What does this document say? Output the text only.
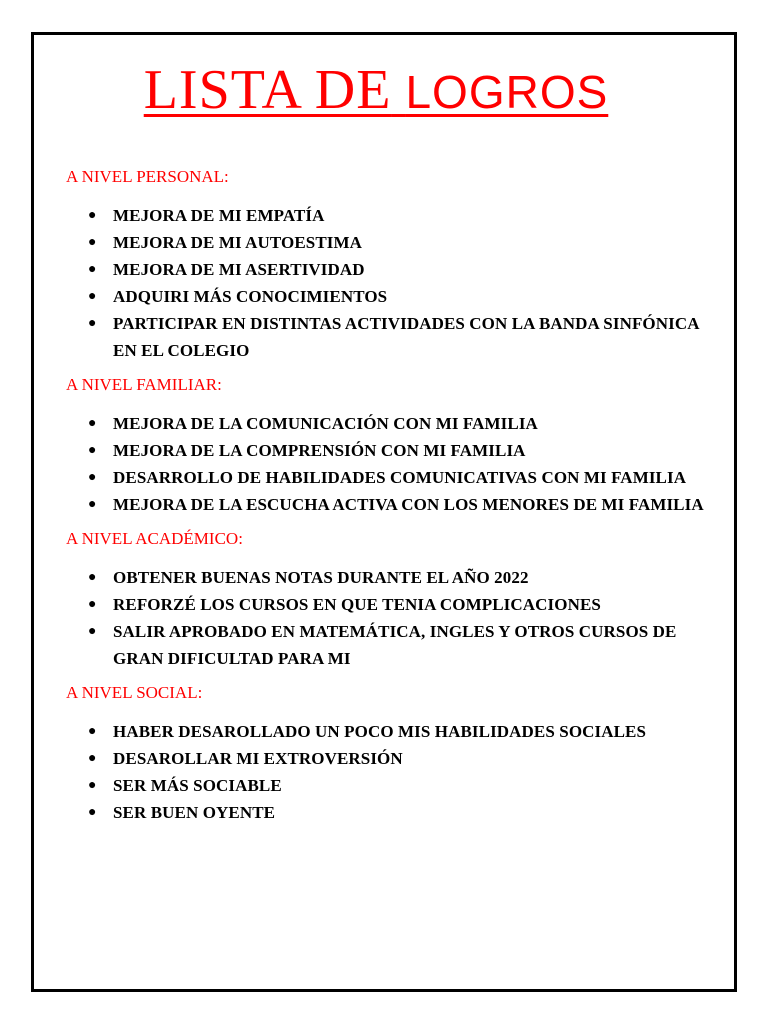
LISTA DE LOGROS
A NIVEL PERSONAL:
● MEJORA DE MI EMPATÍA
● MEJORA DE MI AUTOESTIMA
● MEJORA DE MI ASERTIVIDAD
● ADQUIRI MÁS CONOCIMIENTOS
● PARTICIPAR EN DISTINTAS ACTIVIDADES CON LA BANDA SINFÓNICA EN EL COLEGIO
A NIVEL FAMILIAR:
● MEJORA DE LA COMUNICACIÓN CON MI FAMILIA
● MEJORA DE LA COMPRENSIÓN CON MI FAMILIA
● DESARROLLO DE HABILIDADES COMUNICATIVAS CON MI FAMILIA
● MEJORA DE LA ESCUCHA ACTIVA CON LOS MENORES DE MI FAMILIA
A NIVEL ACADÉMICO:
● OBTENER BUENAS NOTAS DURANTE EL AÑO 2022
● REFORZÉ LOS CURSOS EN QUE TENIA COMPLICACIONES
● SALIR APROBADO EN MATEMÁTICA, INGLES Y OTROS CURSOS DE GRAN DIFICULTAD PARA MI
A NIVEL SOCIAL:
● HABER DESAROLLADO UN POCO MIS HABILIDADES SOCIALES
● DESAROLLAR MI EXTROVERSIÓN
● SER MÁS SOCIABLE
● SER BUEN OYENTE
